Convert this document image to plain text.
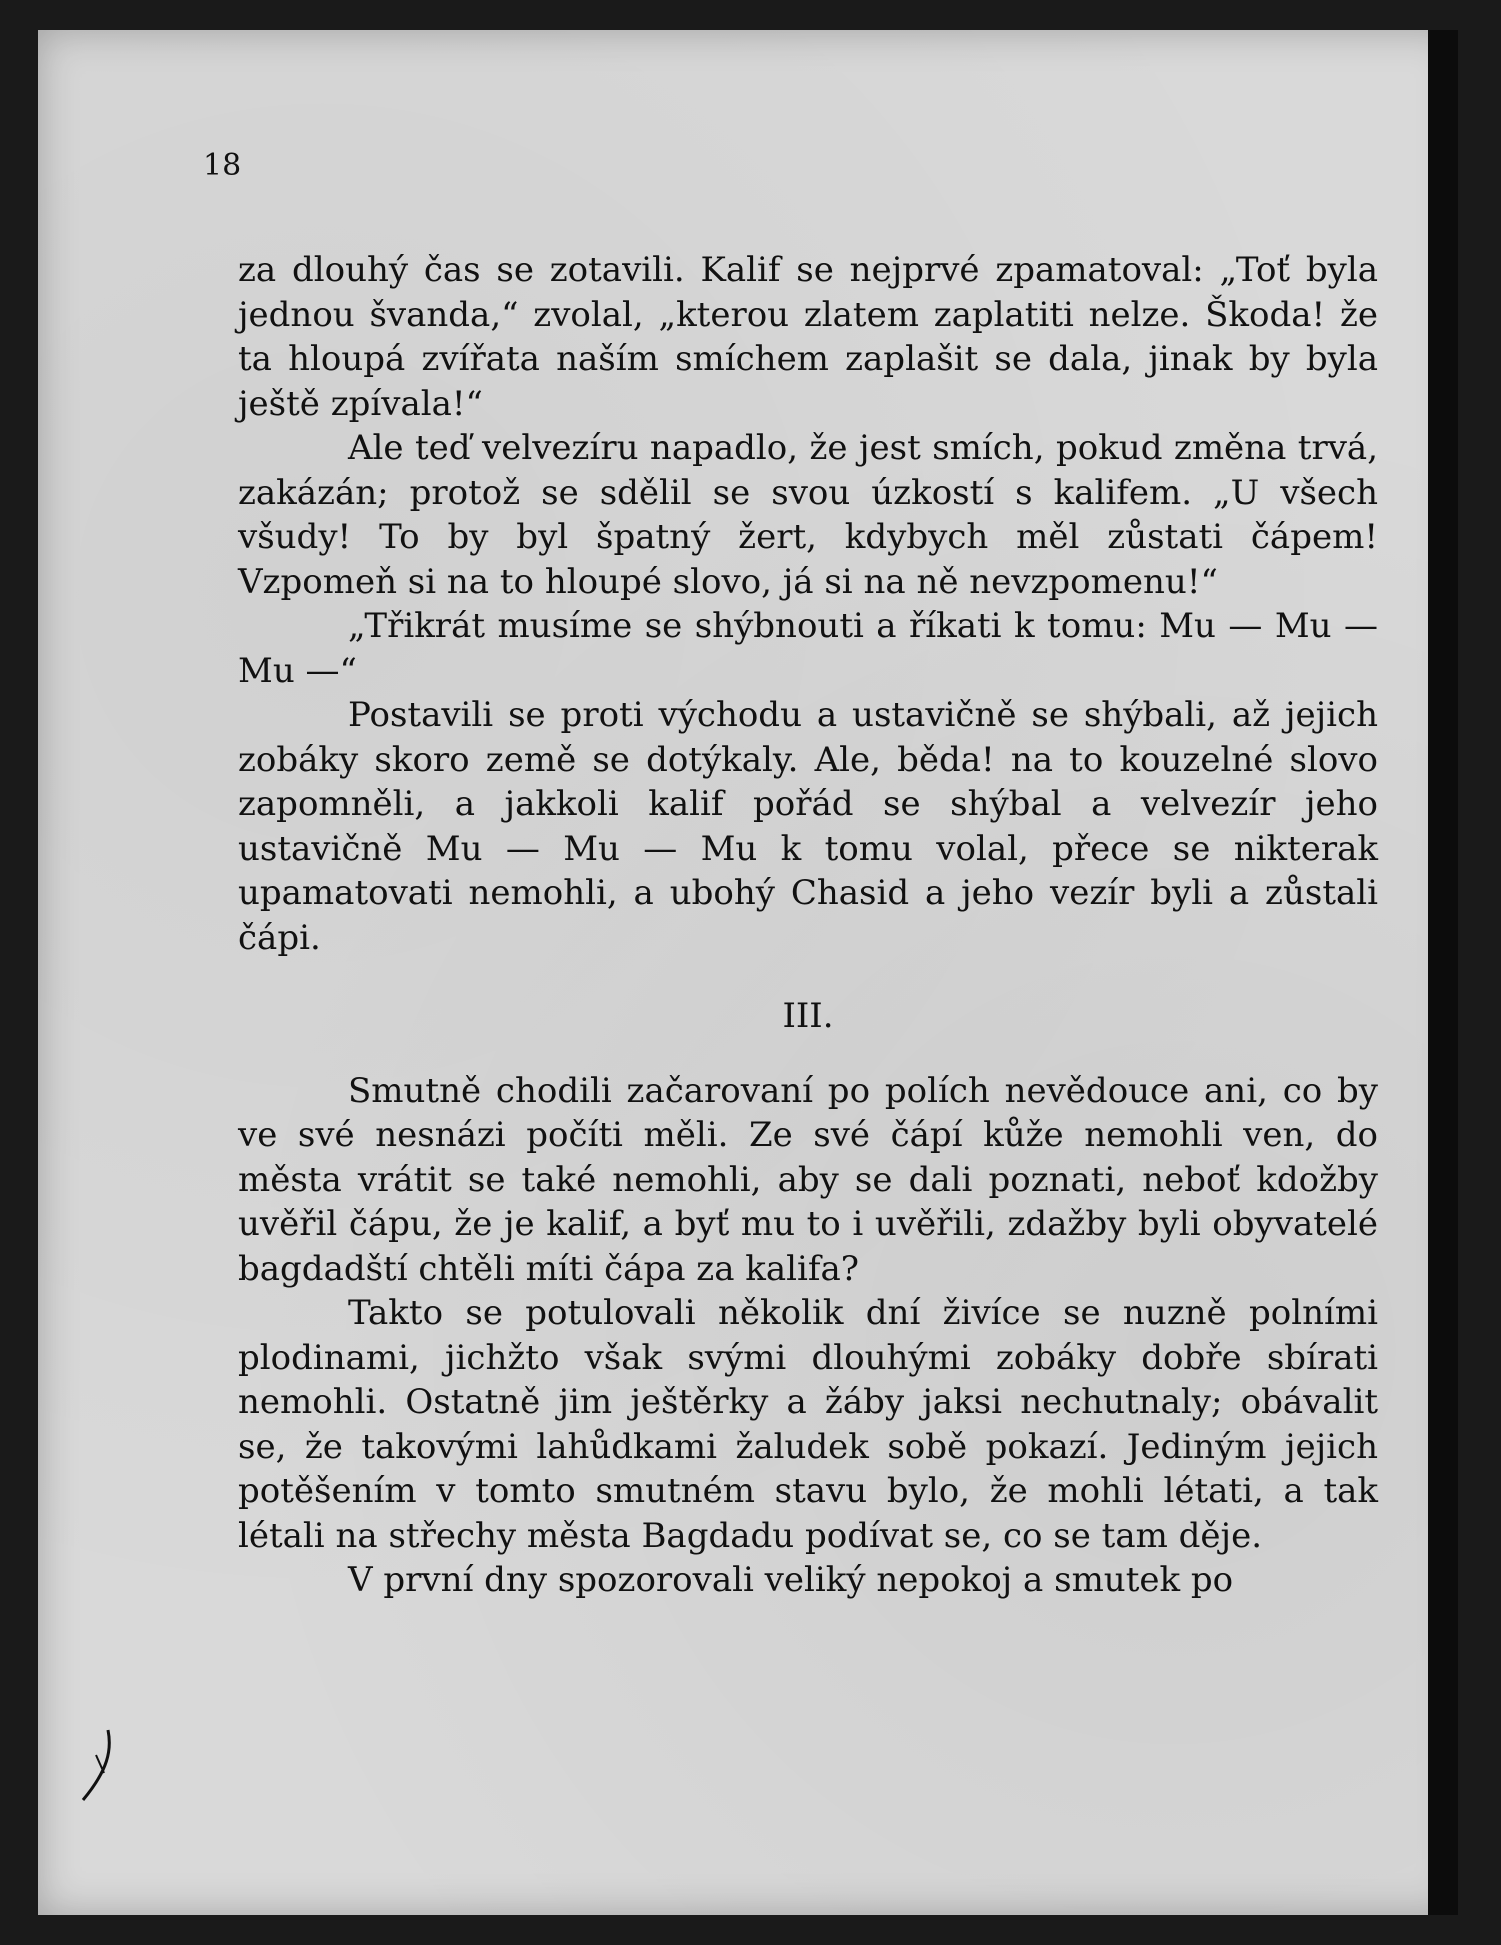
18

za dlouhý čas se zotavili. Kalif se nejprvé zpamatoval: „Toť byla jednou švanda,“ zvolal, „kterou zlatem zaplatiti nelze. Škoda! že ta hloupá zvířata naším smíchem zaplašit se dala, jinak by byla ještě zpívala!“

Ale teď velvezíru napadlo, že jest smích, pokud změna trvá, zakázán; protož se sdělil se svou úzkostí s kalifem. „U všech všudy! To by byl špatný žert, kdybych měl zůstati čápem! Vzpomeň si na to hloupé slovo, já si na ně nevzpomenu!“

„Třikrát musíme se shýbnouti a říkati k tomu: Mu — Mu — Mu —“

Postavili se proti východu a ustavičně se shýbali, až jejich zobáky skoro země se dotýkaly. Ale, běda! na to kouzelné slovo zapomněli, a jakkoli kalif pořád se shýbal a velvezír jeho ustavičně Mu — Mu — Mu k tomu volal, přece se nikterak upamatovati nemohli, a ubohý Chasid a jeho vezír byli a zůstali čápi.

III.

Smutně chodili začarovaní po polích nevědouce ani, co by ve své nesnázi počíti měli. Ze své čápí kůže nemohli ven, do města vrátit se také nemohli, aby se dali poznati, neboť kdožby uvěřil čápu, že je kalif, a byť mu to i uvěřili, zdažby byli obyvatelé bagdadští chtěli míti čápa za kalifa?

Takto se potulovali několik dní živíce se nuzně polními plodinami, jichžto však svými dlouhými zobáky dobře sbírati nemohli. Ostatně jim ještěrky a žáby jaksi nechutnaly; obávalit se, že takovými lahůdkami žaludek sobě pokazí. Jediným jejich potěšením v tomto smutném stavu bylo, že mohli létati, a tak létali na střechy města Bagdadu podívat se, co se tam děje.

V první dny spozorovali veliký nepokoj a smutek po
